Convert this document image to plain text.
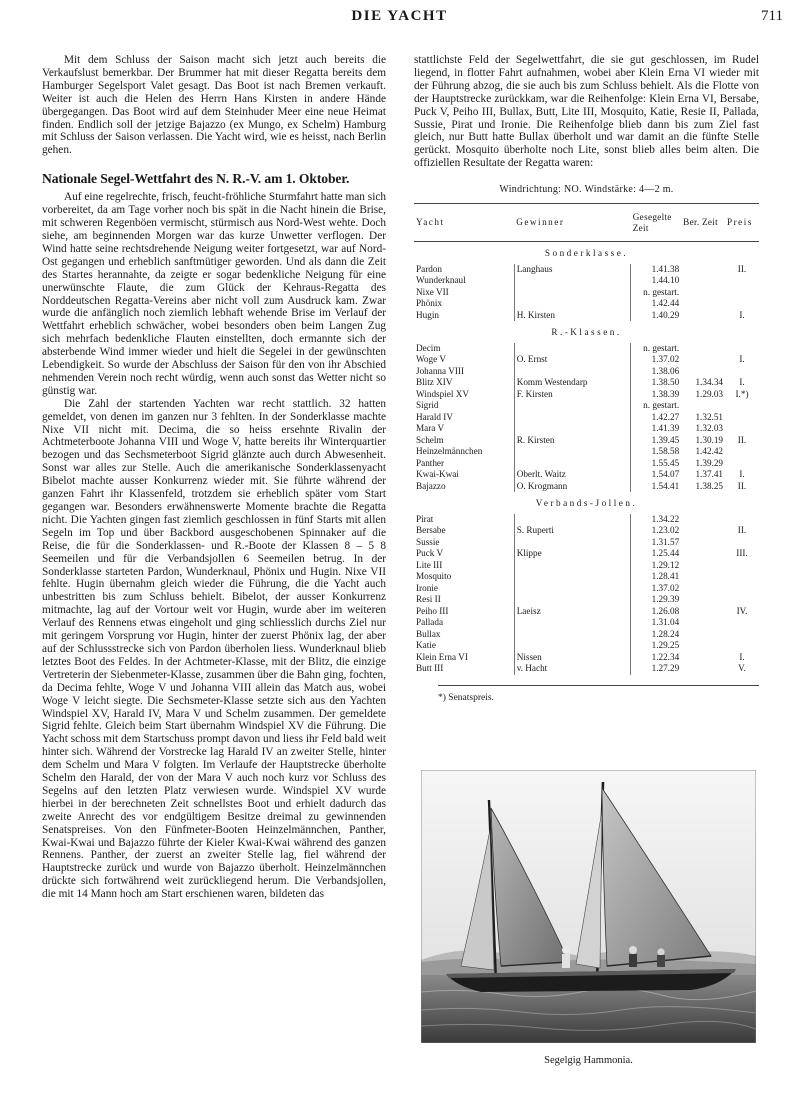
DIE YACHT	711

Mit dem Schluss der Saison macht sich jetzt auch bereits die Verkaufslust bemerkbar. Der Brummer hat mit dieser Regatta bereits dem Hamburger Segelsport Valet gesagt. Das Boot ist nach Bremen verkauft. Weiter ist auch die Helen des Herrn Hans Kirsten in andere Hände übergegangen. Das Boot wird auf dem Steinhuder Meer eine neue Heimat finden. Endlich soll der jetzige Bajazzo (ex Mungo, ex Schelm) Hamburg mit Schluss der Saison verlassen. Die Yacht wird, wie es heisst, nach Berlin gehen.

Nationale Segel-Wettfahrt des N. R.-V. am 1. Oktober.

Auf eine regelrechte, frisch, feucht-fröhliche Sturmfahrt hatte man sich vorbereitet, da am Tage vorher noch bis spät in die Nacht hinein die Brise, mit schweren Regenböen vermischt, stürmisch aus Nord-West wehte. Doch siehe, am beginnenden Morgen war das kurze Unwetter verflogen. Der Wind hatte seine rechtsdrehende Neigung weiter fortgesetzt, war auf Nord-Ost gegangen und erheblich sanftmütiger geworden. Und als dann die Zeit des Startes herannahte, da zeigte er sogar bedenkliche Neigung für eine unerwünschte Flaute, die zum Glück der Kehraus-Regatta des Norddeutschen Regatta-Vereins aber nicht voll zum Ausdruck kam. Zwar wurde die anfänglich noch ziemlich lebhaft wehende Brise im Verlauf der Wettfahrt erheblich schwächer, wobei besonders oben beim Langen Zug sich mehrfach bedenkliche Flauten einstellten, doch ermannte sich der absterbende Wind immer wieder und hielt die Segelei in der gewünschten Lebendigkeit. So wurde der Abschluss der Saison für den von ihr Abschied nehmenden Verein noch recht würdig, wenn auch sonst das Wetter nicht so günstig war.

Die Zahl der startenden Yachten war recht stattlich. 32 hatten gemeldet, von denen im ganzen nur 3 fehlten. In der Sonderklasse machte Nixe VII nicht mit. Decima, die so heiss ersehnte Rivalin der Achtmeterboote Johanna VIII und Woge V, hatte bereits ihr Winterquartier bezogen und das Sechsmeterboot Sigrid glänzte auch durch Abwesenheit. Sonst war alles zur Stelle. Auch die amerikanische Sonderklassenyacht Bibelot machte ausser Konkurrenz wieder mit. Sie führte während der ganzen Fahrt ihr Klassenfeld, trotzdem sie erheblich später vom Start gegangen war. Besonders erwähnenswerte Momente brachte die Regatta nicht. Die Yachten gingen fast ziemlich geschlossen in fünf Starts mit allen Segeln im Top und über Backbord ausgeschobenen Spinnaker auf die Reise, die für die Sonderklassen- und R.-Boote der Klassen 8 – 5 8 Seemeilen und für die Verbandsjollen 6 Seemeilen betrug. In der Sonderklasse starteten Pardon, Wunderknaul, Phönix und Hugin. Nixe VII fehlte. Hugin übernahm gleich wieder die Führung, die die Yacht auch unbestritten bis zum Schluss behielt. Bibelot, der ausser Konkurrenz mitmachte, lag auf der Vortour weit vor Hugin, wurde aber im weiteren Verlauf des Rennens etwas eingeholt und ging schliesslich durchs Ziel nur mit geringem Vorsprung vor Hugin, hinter der zuerst Phönix lag, der aber auf der Schlussstrecke sich von Pardon überholen liess. Wunderknaul blieb letztes Boot des Feldes. In der Achtmeter-Klasse, mit der Blitz, die einzige Vertreterin der Siebenmeter-Klasse, zusammen über die Bahn ging, fochten, da Decima fehlte, Woge V und Johanna VIII allein das Match aus, wobei Woge V leicht siegte. Die Sechsmeter-Klasse setzte sich aus den Yachten Windspiel XV, Harald IV, Mara V und Schelm zusammen. Der gemeldete Sigrid fehlte. Gleich beim Start übernahm Windspiel XV die Führung. Die Yacht schoss mit dem Startschuss prompt davon und liess ihr Feld bald weit hinter sich. Während der Vorstrecke lag Harald IV an zweiter Stelle, hinter dem Schelm und Mara V folgten. Im Verlaufe der Hauptstrecke überholte Schelm den Harald, der von der Mara V auch noch kurz vor Schluss des Segelns auf den letzten Platz verwiesen wurde. Windspiel XV wurde hierbei in der berechneten Zeit schnellstes Boot und erhielt dadurch das zweite Anrecht des vor endgültigem Besitze dreimal zu gewinnenden Senatspreises. Von den Fünfmeter-Booten Heinzelmännchen, Panther, Kwai-Kwai und Bajazzo führte der Kieler Kwai-Kwai während des ganzen Rennens. Panther, der zuerst an zweiter Stelle lag, fiel während der Hauptstrecke zurück und wurde von Bajazzo überholt. Heinzelmännchen drückte sich fortwährend weit zurückliegend herum. Die Verbandsjollen, die mit 14 Mann hoch am Start erschienen waren, bildeten das

stattlichste Feld der Segelwettfahrt, die sie gut geschlossen, im Rudel liegend, in flotter Fahrt aufnahmen, wobei aber Klein Erna VI wieder mit der Führung abzog, die sie auch bis zum Schluss behielt. Als die Flotte von der Hauptstrecke zurückkam, war die Reihenfolge: Klein Erna VI, Bersabe, Puck V, Peiho III, Bullax, Butt, Lite III, Mosquito, Katie, Resie II, Pallada, Sussie, Pirat und Ironie. Die Reihenfolge blieb dann bis zum Ziel fast gleich, nur Butt hatte Bullax überholt und war damit an die fünfte Stelle gerückt. Mosquito überholte noch Lite, sonst blieb alles beim alten. Die offiziellen Resultate der Regatta waren:

Windrichtung: NO. Windstärke: 4—2 m.
Yacht	Gewinner	Gesegelte Zeit	Ber. Zeit	Preis
Sonderklasse.				
Pardon	Langhaus	1.41.38		II.
Wunderknaul		1.44.10		
Nixe VII		n. gestart.		
Phönix		1.42.44		
Hugin	H. Kirsten	1.40.29		I.
R.-Klassen.				
Decim		n. gestart.		
Woge V	O. Ernst	1.37.02		I.
Johanna VIII		1.38.06		
Blitz XIV	Komm Westendarp	1.38.50	1.34.34	I.
Windspiel XV	F. Kirsten	1.38.39	1.29.03	I.*)
Sigrid		n. gestart.		
Harald IV		1.42.27	1.32.51	
Mara V		1.41.39	1.32.03	
Schelm	R. Kirsten	1.39.45	1.30.19	II.
Heinzelmännchen		1.58.58	1.42.42	
Panther		1.55.45	1.39.29	
Kwai-Kwai	Oberlt. Waitz	1.54.07	1.37.41	I.
Bajazzo	O. Krogmann	1.54.41	1.38.25	II.
Verbands-Jollen.				
Pirat		1.34.22		
Bersabe	S. Ruperti	1.23.02		II.
Sussie		1.31.57		
Puck V	Klippe	1.25.44		III.
Lite III		1.29.12		
Mosquito		1.28.41		
Ironie		1.37.02		
Resi II		1.29.39		
Peiho III	Laeisz	1.26.08		IV.
Pallada		1.31.04		
Bullax		1.28.24		
Katie		1.29.25		
Klein Erna VI	Nissen	1.22.34		I.
Butt III	v. Hacht	1.27.29		V.
*) Senatspreis.
Segelgig Hammonia.
